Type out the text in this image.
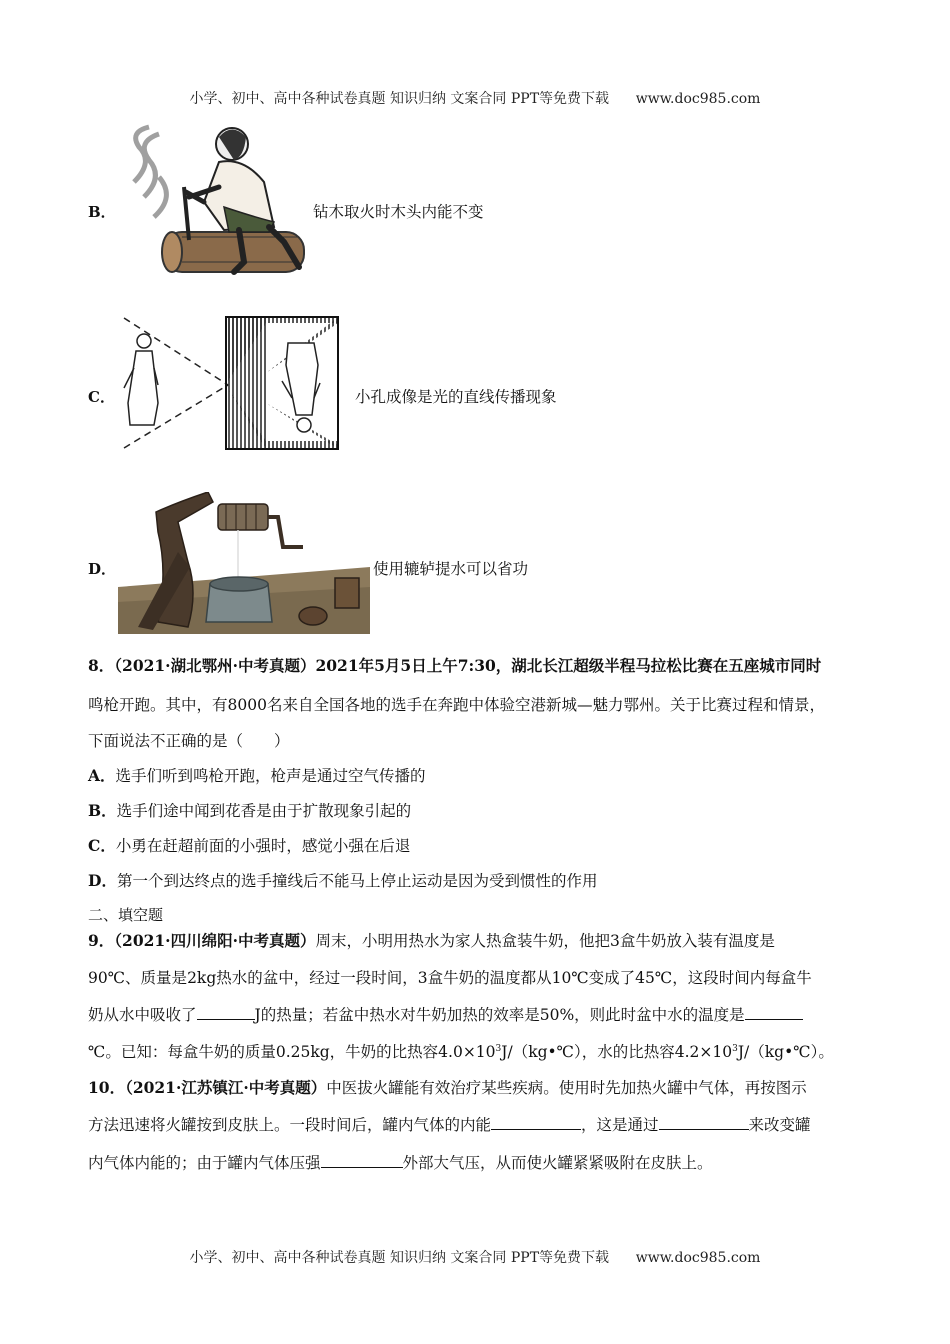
小学、初中、高中各种试卷真题 知识归纳 文案合同 PPT等免费下载 www.doc985.com
B．	钻木取火时木头内能不变
C．	小孔成像是光的直线传播现象
D．	使用辘轳提水可以省功
8．（2021·湖北鄂州·中考真题）2021年5月5日上午7:30，湖北长江超级半程马拉松比赛在五座城市同时
鸣枪开跑。其中，有8000名来自全国各地的选手在奔跑中体验空港新城—魅力鄂州。关于比赛过程和情景，
下面说法不正确的是（　　）
A．选手们听到鸣枪开跑，枪声是通过空气传播的
B．选手们途中闻到花香是由于扩散现象引起的
C．小勇在赶超前面的小强时，感觉小强在后退
D．第一个到达终点的选手撞线后不能马上停止运动是因为受到惯性的作用
二、填空题
9．（2021·四川绵阳·中考真题）周末，小明用热水为家人热盒装牛奶，他把3盒牛奶放入装有温度是
90℃、质量是2kg热水的盆中，经过一段时间，3盒牛奶的温度都从10℃变成了45℃，这段时间内每盒牛
奶从水中吸收了	J的热量；若盆中热水对牛奶加热的效率是50%，则此时盆中水的温度是
℃。已知：每盒牛奶的质量0.25kg，牛奶的比热容$4.0\times 10^3J/(kg•℃)$，水的比热容$4.2\times 10^3J/(kg•℃)$。
10．（2021·江苏镇江·中考真题）中医拔火罐能有效治疗某些疾病。使用时先加热火罐中气体，再按图示
方法迅速将火罐按到皮肤上。一段时间后，罐内气体的内能	，这是通过	来改变罐
内气体内能的；由于罐内气体压强	外部大气压，从而使火罐紧紧吸附在皮肤上。
小学、初中、高中各种试卷真题 知识归纳 文案合同 PPT等免费下载 www.doc985.com
